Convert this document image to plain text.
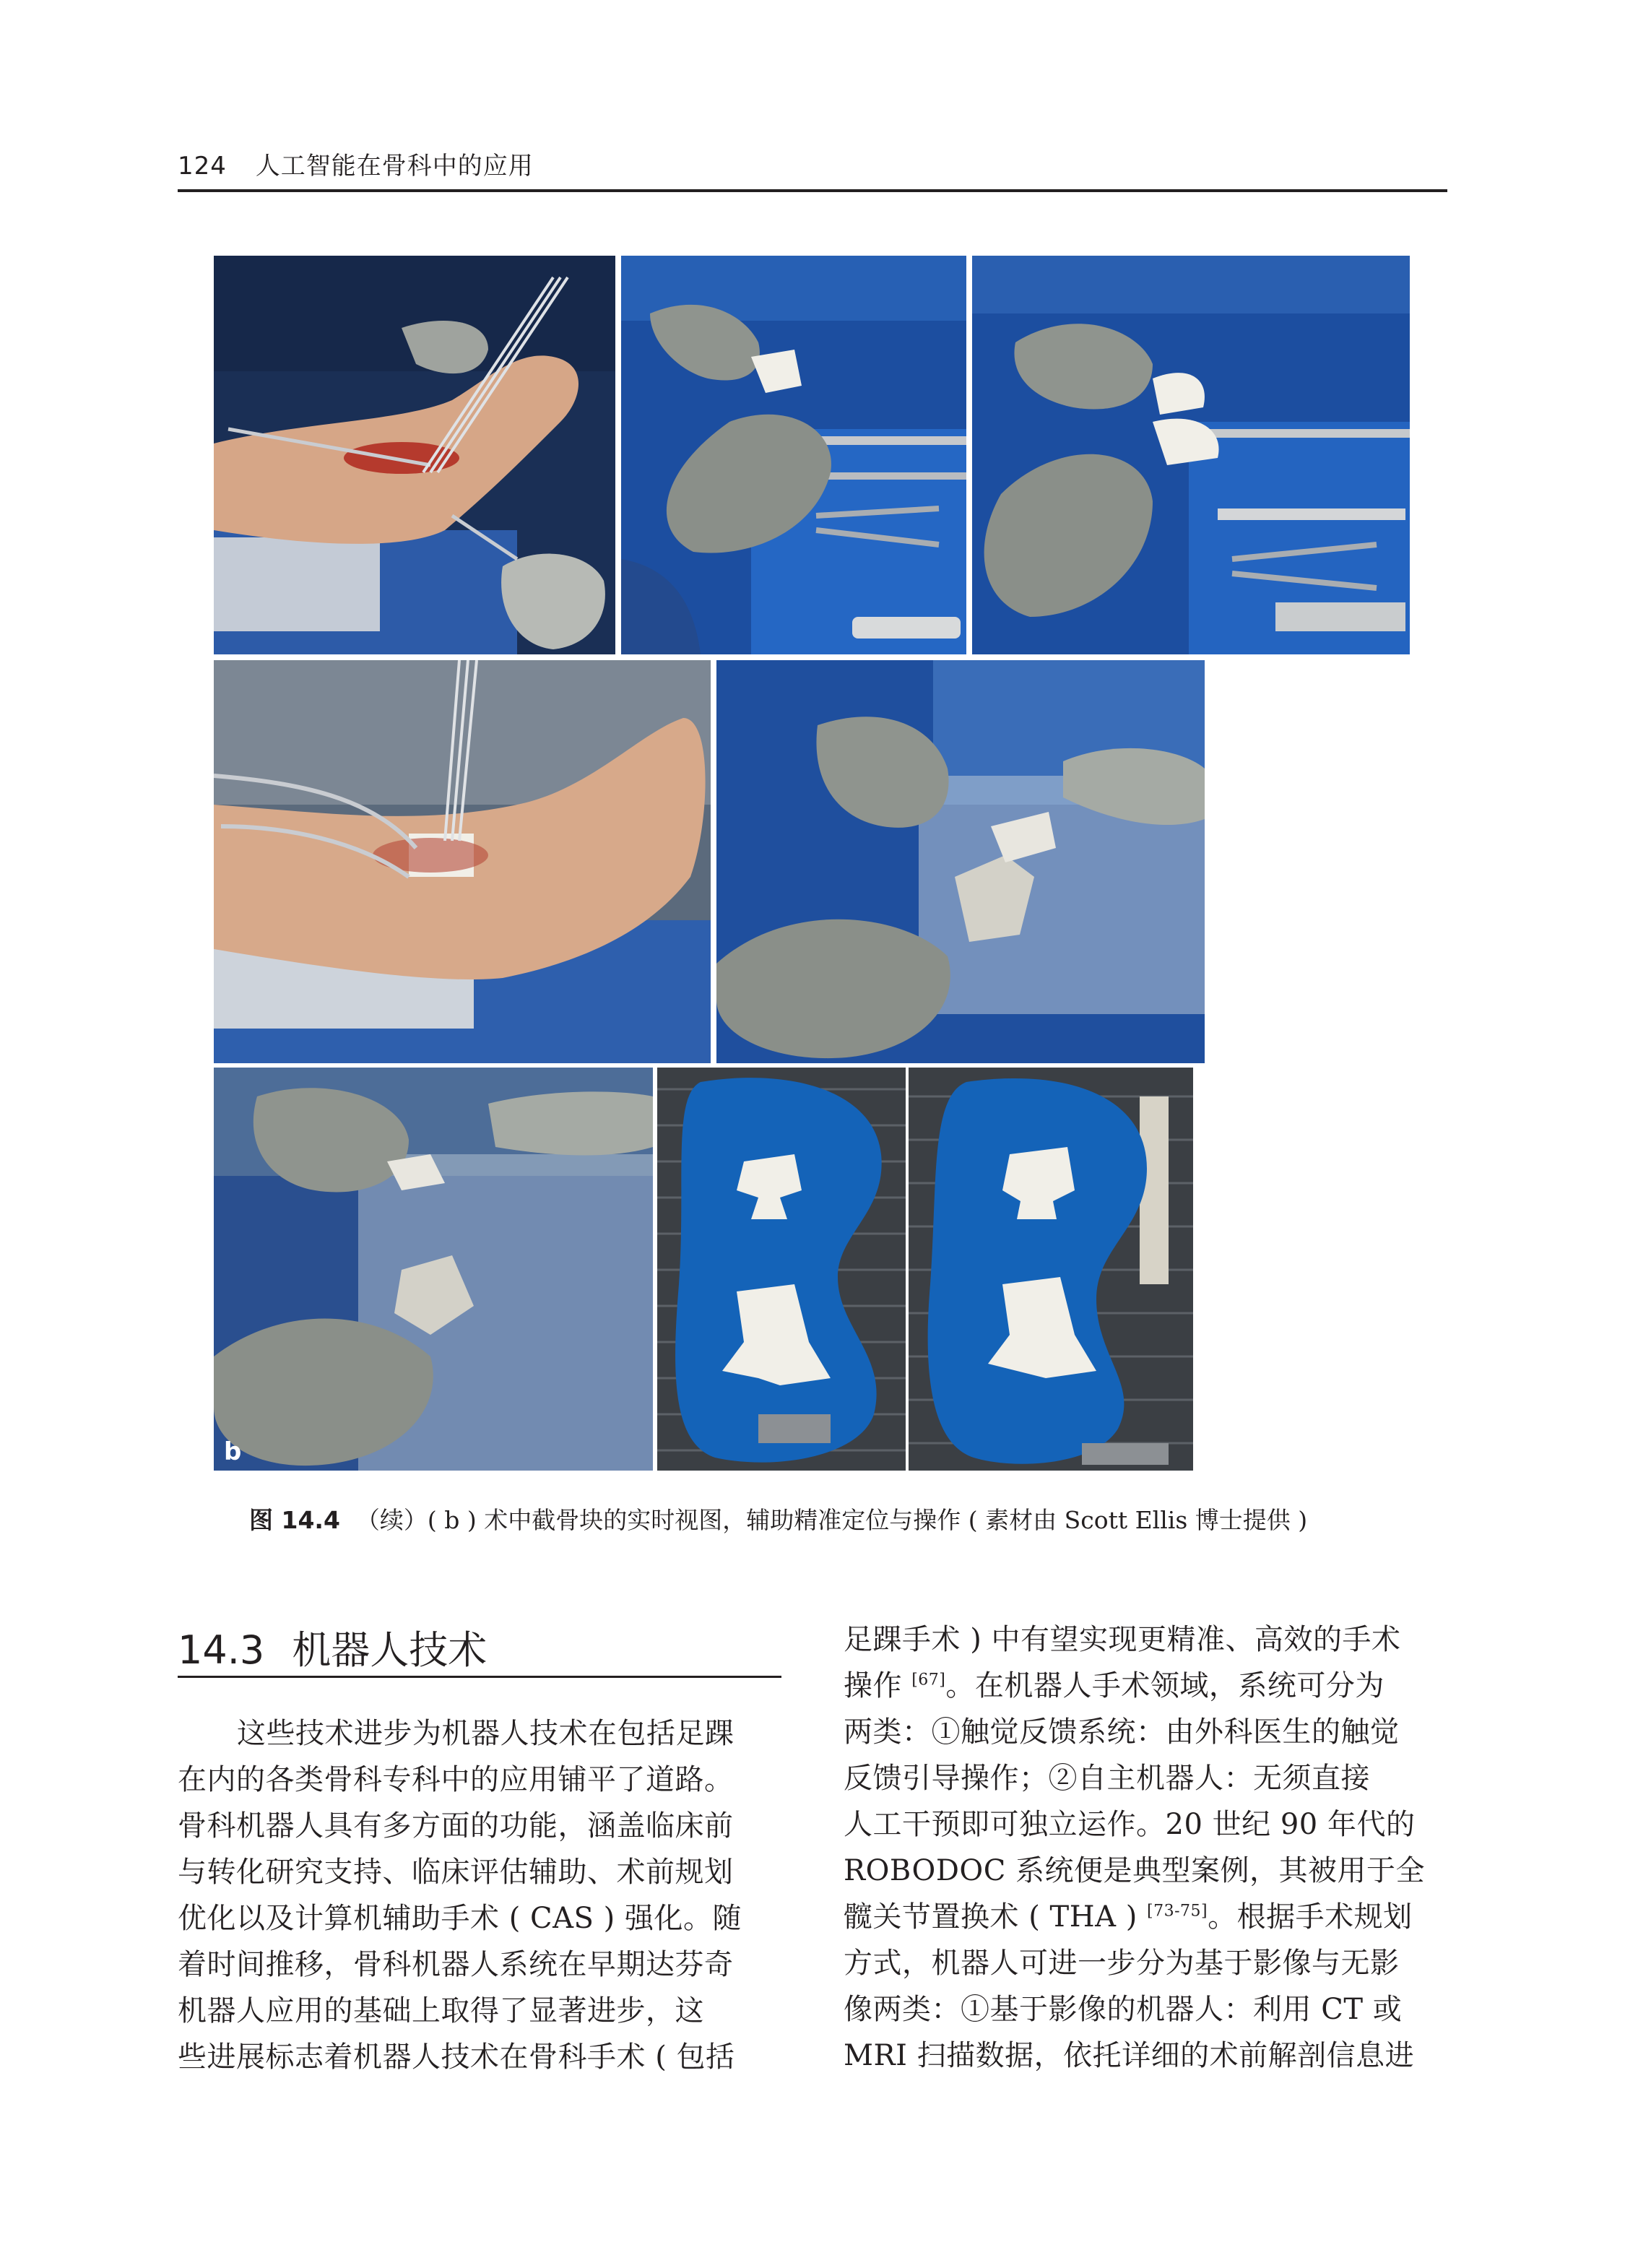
124 人工智能在骨科中的应用
b
图 14.4 （续）( b ) 术中截骨块的实时视图，辅助精准定位与操作 ( 素材由 Scott Ellis 博士提供 )
14.3 机器人技术
这些技术进步为机器人技术在包括足踝
在内的各类骨科专科中的应用铺平了道路。
骨科机器人具有多方面的功能，涵盖临床前
与转化研究支持、临床评估辅助、术前规划
优化以及计算机辅助手术 ( CAS ) 强化。随
着时间推移，骨科机器人系统在早期达芬奇
机器人应用的基础上取得了显著进步，这
些进展标志着机器人技术在骨科手术 ( 包括
足踝手术 ) 中有望实现更精准、高效的手术
操作 [67]。在机器人手术领域，系统可分为
两类：①触觉反馈系统：由外科医生的触觉
反馈引导操作；②自主机器人：无须直接
人工干预即可独立运作。20 世纪 90 年代的
ROBODOC 系统便是典型案例，其被用于全
髋关节置换术 ( THA ) [73-75]。根据手术规划
方式，机器人可进一步分为基于影像与无影
像两类：①基于影像的机器人：利用 CT 或
MRI 扫描数据，依托详细的术前解剖信息进
